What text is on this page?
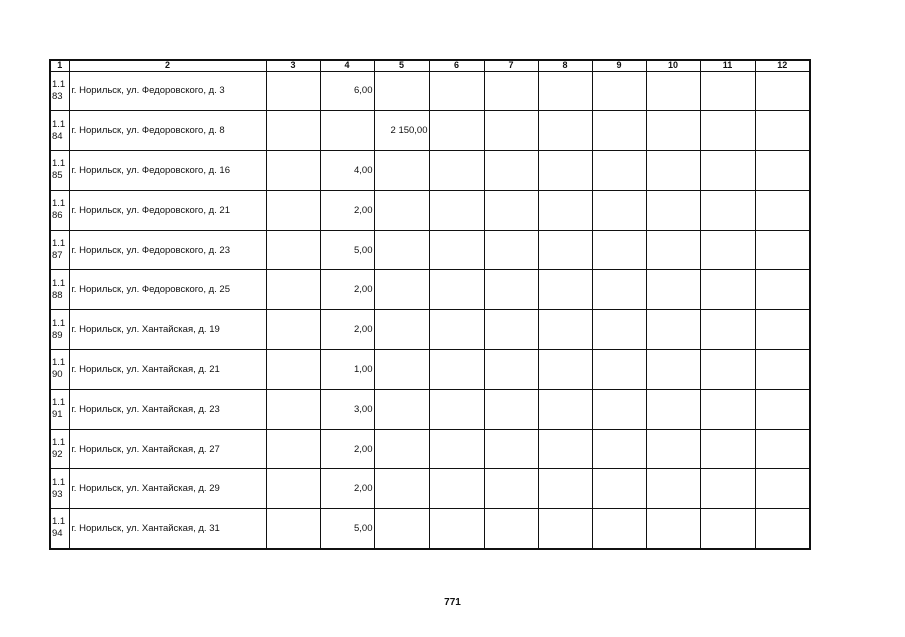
1	2	3	4	5	6	7	8	9	10	11	12

1.1
83	г. Норильск, ул. Федоровского, д. 3		6,00								

1.1
84	г. Норильск, ул. Федоровского, д. 8			2 150,00							

1.1
85	г. Норильск, ул. Федоровского, д. 16		4,00								

1.1
86	г. Норильск, ул. Федоровского, д. 21		2,00								

1.1
87	г. Норильск, ул. Федоровского, д. 23		5,00								

1.1
88	г. Норильск, ул. Федоровского, д. 25		2,00								

1.1
89	г. Норильск, ул. Хантайская, д. 19		2,00								

1.1
90	г. Норильск, ул. Хантайская, д. 21		1,00								

1.1
91	г. Норильск, ул. Хантайская, д. 23		3,00								

1.1
92	г. Норильск, ул. Хантайская, д. 27		2,00								

1.1
93	г. Норильск, ул. Хантайская, д. 29		2,00								

1.1
94	г. Норильск, ул. Хантайская, д. 31		5,00								
771
